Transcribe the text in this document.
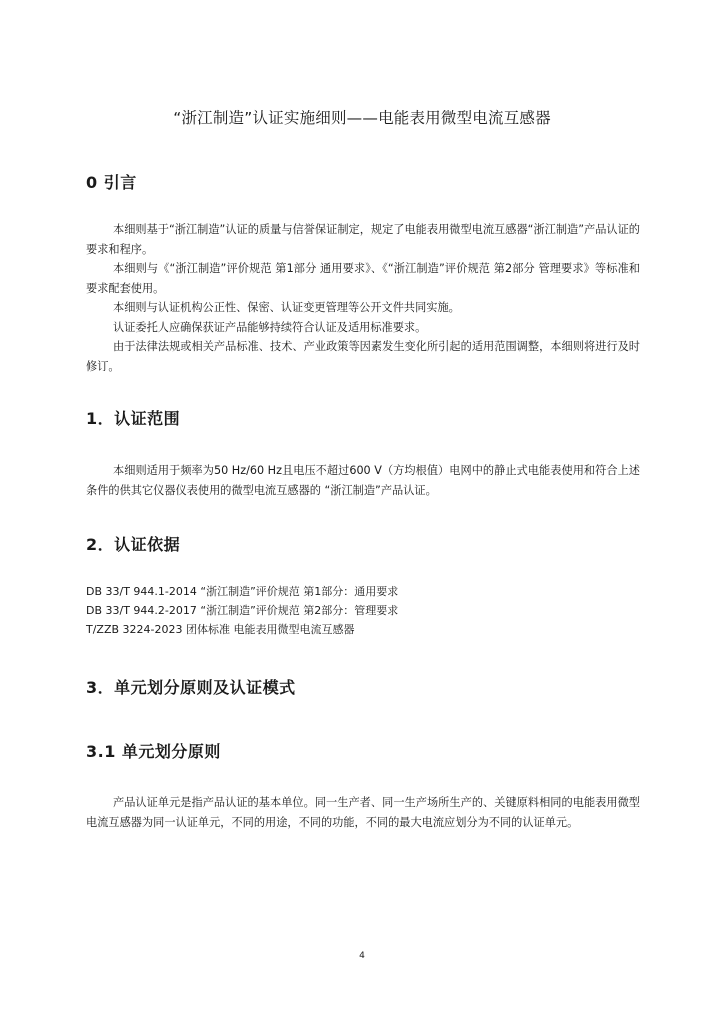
“浙江制造”认证实施细则——电能表用微型电流互感器
0 引言

本细则基于“浙江制造”认证的质量与信誉保证制定，规定了电能表用微型电流互感器“浙江制造”产品认证的要求和程序。

本细则与《“浙江制造”评价规范 第1部分 通用要求》、《“浙江制造”评价规范 第2部分 管理要求》等标准和要求配套使用。

本细则与认证机构公正性、保密、认证变更管理等公开文件共同实施。

认证委托人应确保获证产品能够持续符合认证及适用标准要求。

由于法律法规或相关产品标准、技术、产业政策等因素发生变化所引起的适用范围调整，本细则将进行及时修订。

1．认证范围

本细则适用于频率为50 Hz/60 Hz且电压不超过600 V（方均根值）电网中的静止式电能表使用和符合上述条件的供其它仪器仪表使用的微型电流互感器的 “浙江制造”产品认证。

2．认证依据

DB 33/T 944.1-2014 “浙江制造”评价规范 第1部分：通用要求

DB 33/T 944.2-2017 “浙江制造”评价规范 第2部分：管理要求

T/ZZB 3224-2023 团体标准 电能表用微型电流互感器

3．单元划分原则及认证模式
3.1 单元划分原则

产品认证单元是指产品认证的基本单位。同一生产者、同一生产场所生产的、关键原料相同的电能表用微型电流互感器为同一认证单元，不同的用途，不同的功能，不同的最大电流应划分为不同的认证单元。

4
